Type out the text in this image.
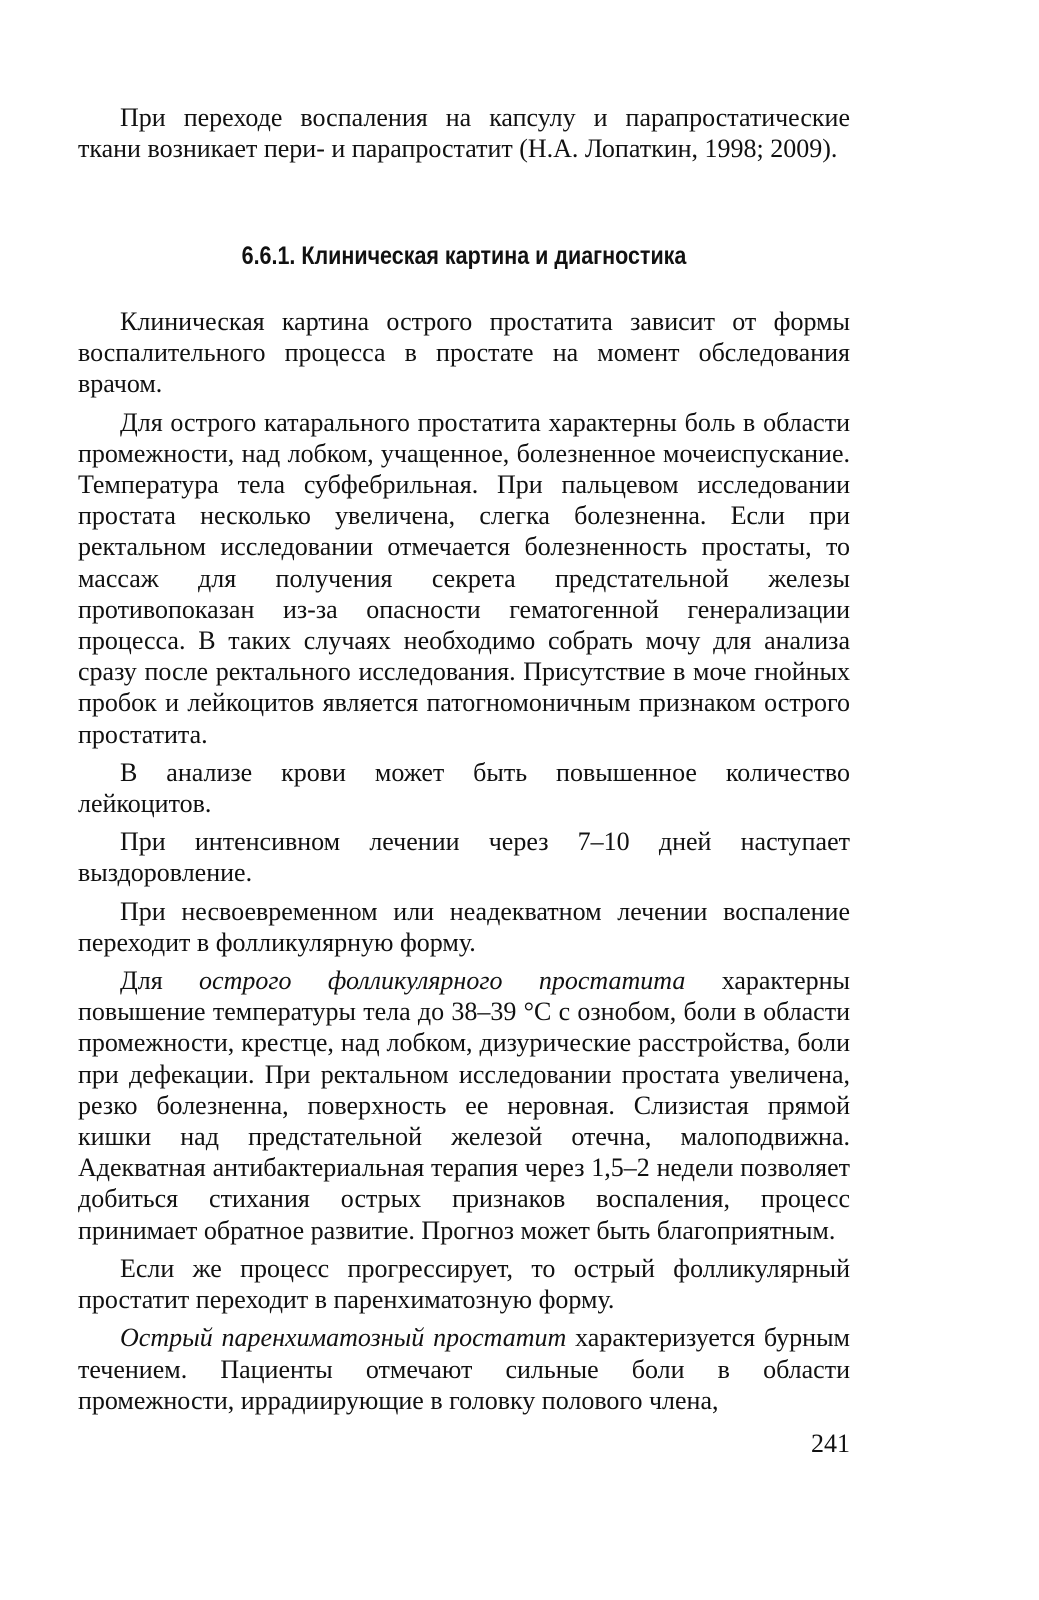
При переходе воспаления на капсулу и парапростатические ткани возникает пери- и парапростатит (Н.А. Лопаткин, 1998; 2009).

6.6.1. Клиническая картина и диагностика

Клиническая картина острого простатита зависит от формы воспалительного процесса в простате на момент обследования врачом.

Для острого катарального простатита характерны боль в области промежности, над лобком, учащенное, болезненное мочеиспускание. Температура тела субфебрильная. При пальцевом исследовании простата несколько увеличена, слегка болезненна. Если при ректальном исследовании отмечается болезненность простаты, то массаж для получения секрета предстательной железы противопоказан из-за опасности гематогенной генерализации процесса. В таких случаях необходимо собрать мочу для анализа сразу после ректального исследования. Присутствие в моче гнойных пробок и лейкоцитов является патогномоничным признаком острого простатита.

В анализе крови может быть повышенное количество лейкоцитов.

При интенсивном лечении через 7–10 дней наступает выздоровление.

При несвоевременном или неадекватном лечении воспаление переходит в фолликулярную форму.

Для острого фолликулярного простатита характерны повышение температуры тела до 38–39 °С с ознобом, боли в области промежности, крестце, над лобком, дизурические расстройства, боли при дефекации. При ректальном исследовании простата увеличена, резко болезненна, поверхность ее неровная. Слизистая прямой кишки над предстательной железой отечна, малоподвижна. Адекватная антибактериальная терапия через 1,5–2 недели позволяет добиться стихания острых признаков воспаления, процесс принимает обратное развитие. Прогноз может быть благоприятным.

Если же процесс прогрессирует, то острый фолликулярный простатит переходит в паренхиматозную форму.

Острый паренхиматозный простатит характеризуется бурным течением. Пациенты отмечают сильные боли в области промежности, иррадиирующие в головку полового члена,

241
